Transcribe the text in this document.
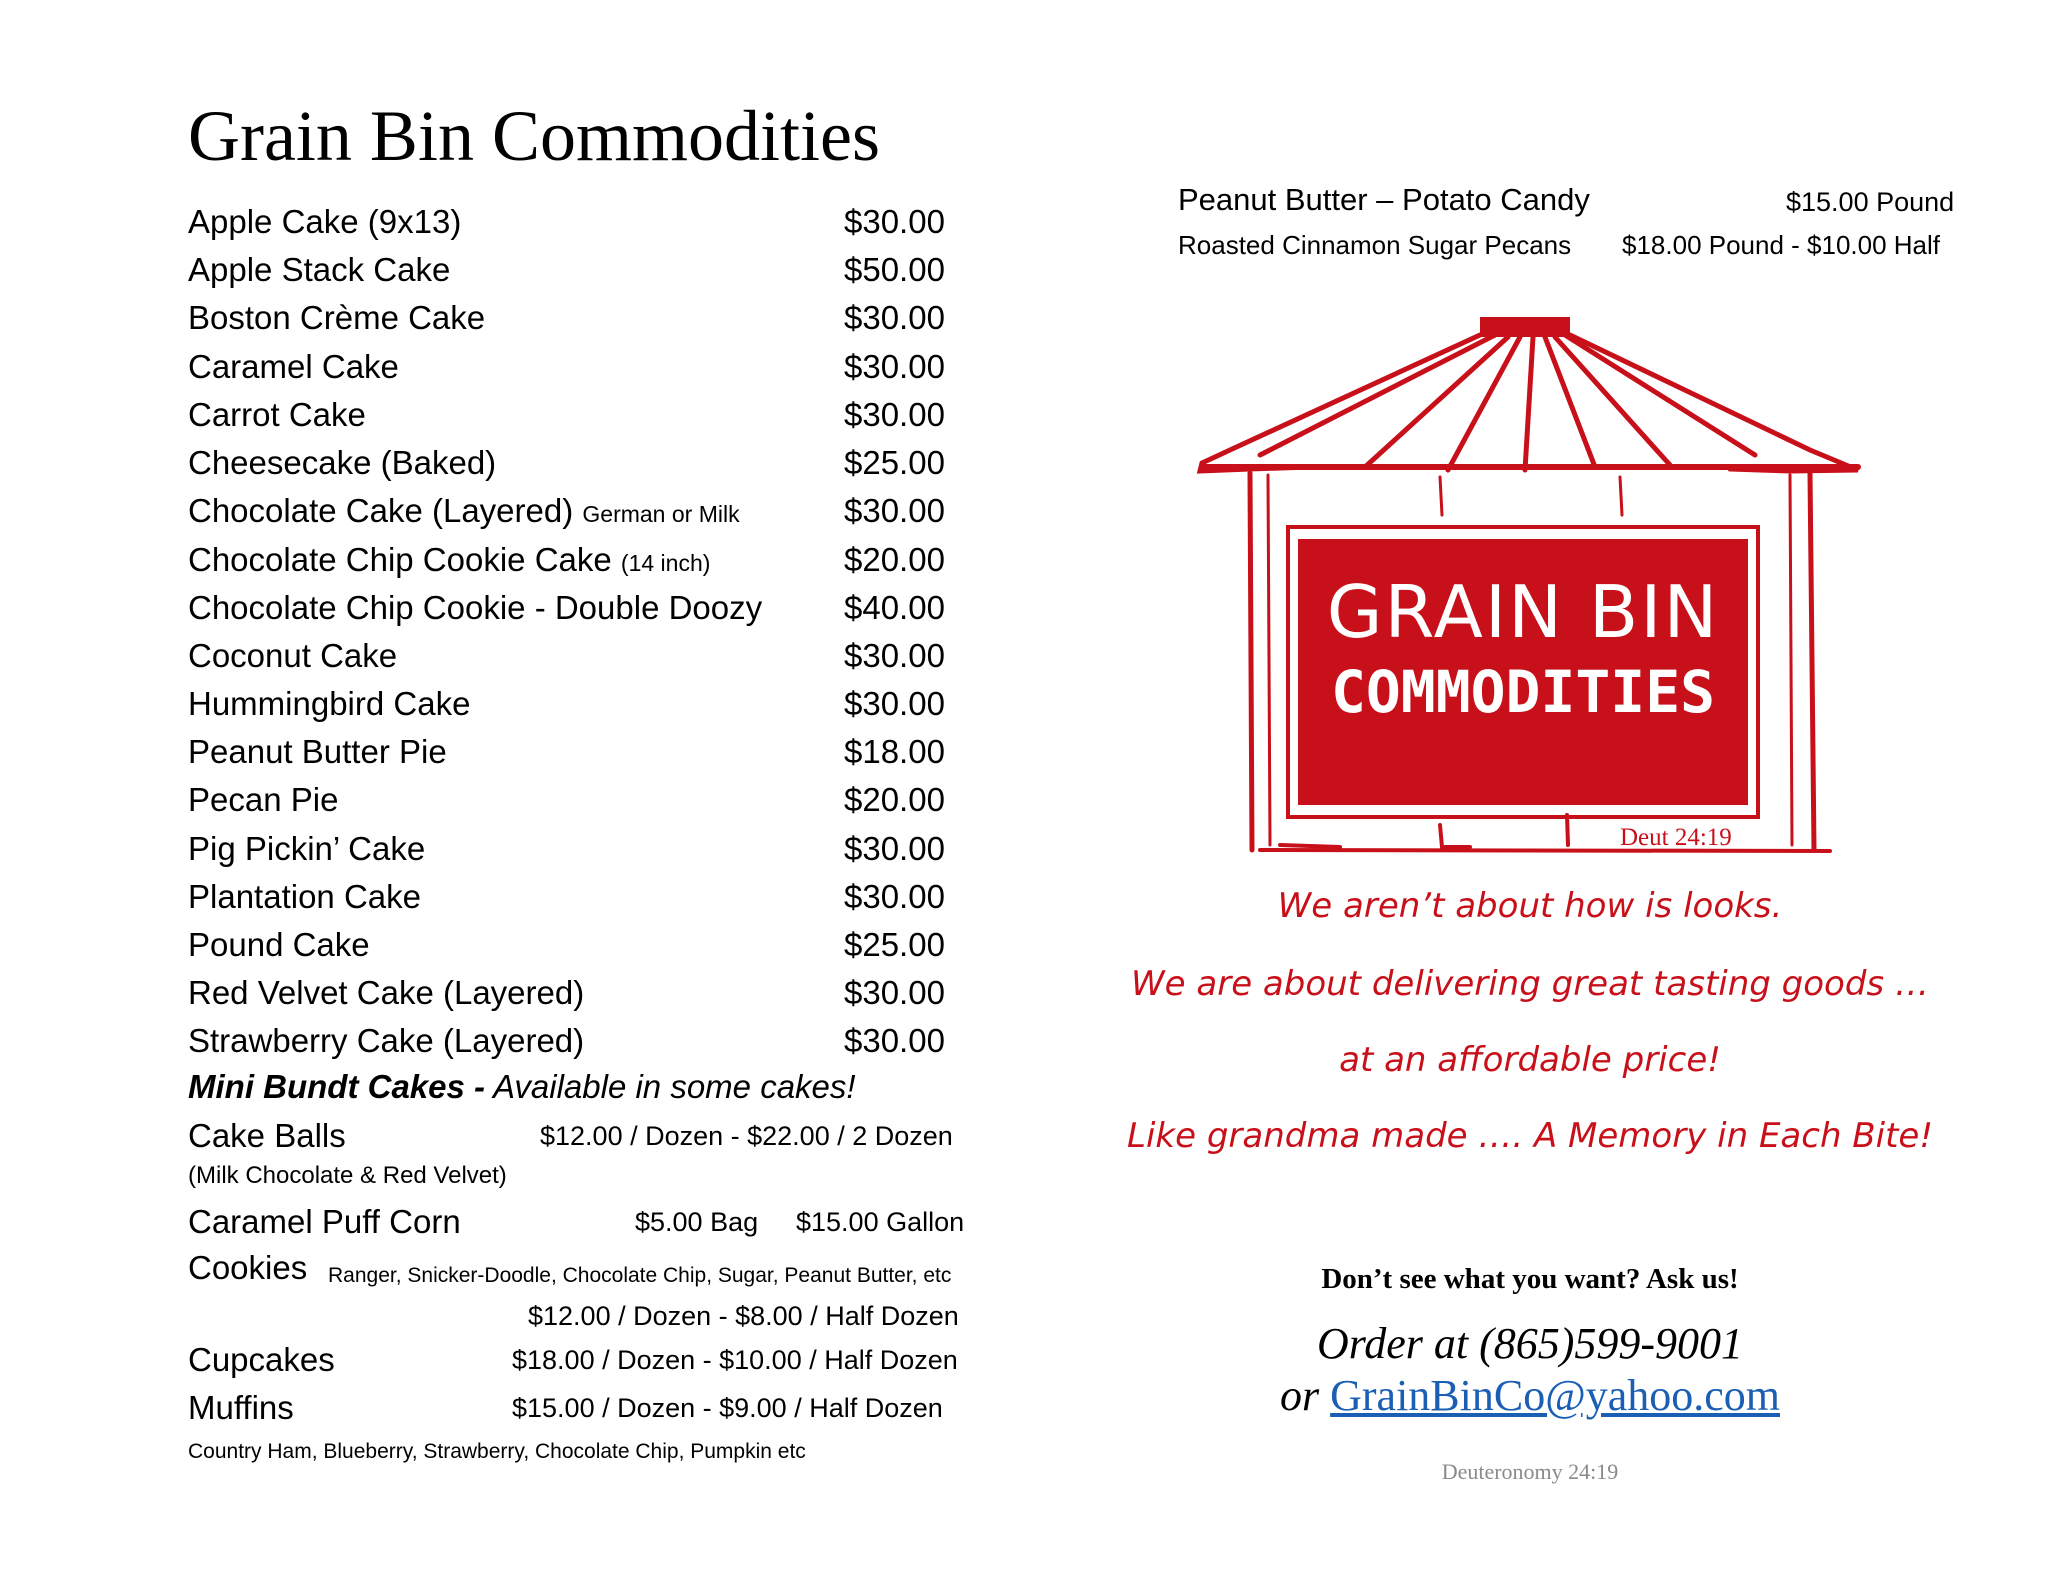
Grain Bin Commodities
Apple Cake (9x13)	$30.00
Apple Stack Cake	$50.00
Boston Crème Cake	$30.00
Caramel Cake	$30.00
Carrot Cake	$30.00
Cheesecake (Baked)	$25.00
Chocolate Cake (Layered) German or Milk	$30.00
Chocolate Chip Cookie Cake (14 inch)	$20.00
Chocolate Chip Cookie - Double Doozy $40.00
Coconut Cake	$30.00
Hummingbird Cake	$30.00
Peanut Butter Pie	$18.00
Pecan Pie	$20.00
Pig Pickin’ Cake	$30.00
Plantation Cake	$30.00
Pound Cake	$25.00
Red Velvet Cake (Layered)	$30.00
Strawberry Cake (Layered)	$30.00
Mini Bundt Cakes - Available in some cakes!
Cake Balls	$12.00 / Dozen - $22.00 / 2 Dozen
(Milk Chocolate & Red Velvet)
Caramel Puff Corn	$5.00 Bag $15.00 Gallon
Cookies Ranger, Snicker-Doodle, Chocolate Chip, Sugar, Peanut Butter, etc
$12.00 / Dozen - $8.00 / Half Dozen
Cupcakes	$18.00 / Dozen - $10.00 / Half Dozen
Muffins	$15.00 / Dozen - $9.00 / Half Dozen
Country Ham, Blueberry, Strawberry, Chocolate Chip, Pumpkin etc
Peanut Butter – Potato Candy	$15.00 Pound
Roasted Cinnamon Sugar Pecans $18.00 Pound - $10.00 Half
GRAIN BIN
COMMODITIES
Deut 24:19
We aren’t about how is looks.
We are about delivering great tasting goods …
at an affordable price!
Like grandma made …. A Memory in Each Bite!
Don’t see what you want? Ask us!
Order at (865)599-9001
or GrainBinCo@yahoo.com
Deuteronomy 24:19
